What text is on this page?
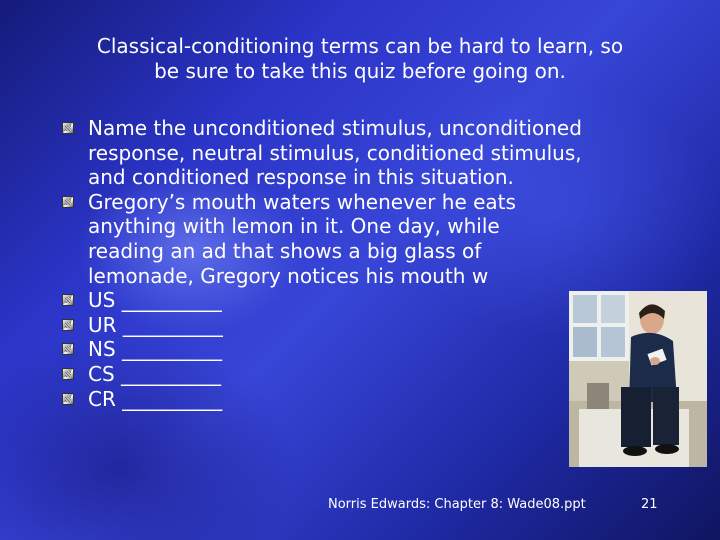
Classical-conditioning terms can be hard to learn, so
be sure to take this quiz before going on.
Name the unconditioned stimulus, unconditioned response, neutral stimulus, conditioned stimulus, and conditioned response in this situation.
Gregory’s mouth waters whenever he eats anything with lemon in it. One day, while reading an ad that shows a big glass of lemonade, Gregory notices his mouth w
US __________
UR __________
NS __________
CS __________
CR __________
Norris Edwards: Chapter 8: Wade08.ppt	21
